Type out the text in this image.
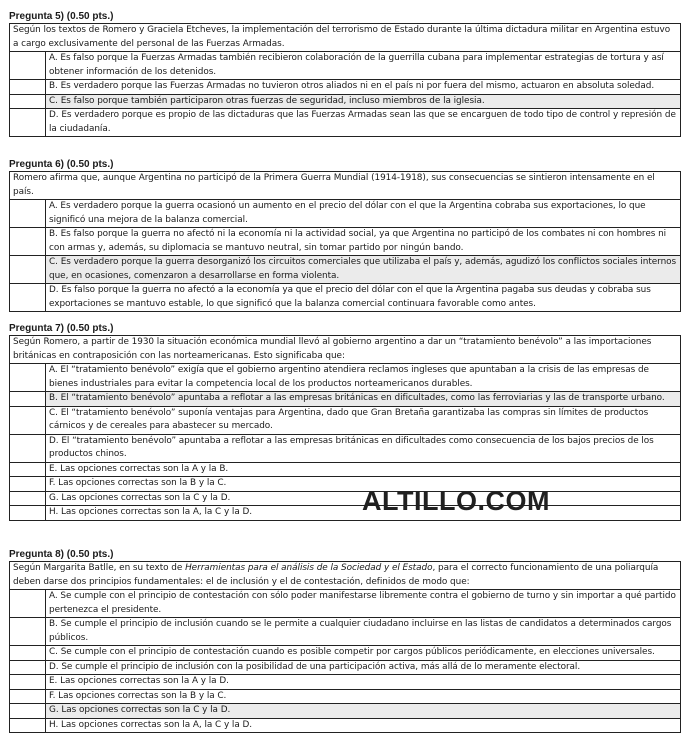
Pregunta 5) (0.50 pts.)

Según los textos de Romero y Graciela Etcheves, la implementación del terrorismo de Estado durante la última dictadura militar en Argentina estuvo a cargo exclusivamente del personal de las Fuerzas Armadas.
A. Es falso porque la Fuerzas Armadas también recibieron colaboración de la guerrilla cubana para implementar estrategias de tortura y así obtener información de los detenidos.
B. Es verdadero porque las Fuerzas Armadas no tuvieron otros aliados ni en el país ni por fuera del mismo, actuaron en absoluta soledad.
C. Es falso porque también participaron otras fuerzas de seguridad, incluso miembros de la iglesia.
D. Es verdadero porque es propio de las dictaduras que las Fuerzas Armadas sean las que se encarguen de todo tipo de control y represión de la ciudadanía.

Pregunta 6) (0.50 pts.)

Romero afirma que, aunque Argentina no participó de la Primera Guerra Mundial (1914-1918), sus consecuencias se sintieron intensamente en el país.
A. Es verdadero porque la guerra ocasionó un aumento en el precio del dólar con el que la Argentina cobraba sus exportaciones, lo que significó una mejora de la balanza comercial.
B. Es falso porque la guerra no afectó ni la economía ni la actividad social, ya que Argentina no participó de los combates ni con hombres ni con armas y, además, su diplomacia se mantuvo neutral, sin tomar partido por ningún bando.
C. Es verdadero porque la guerra desorganizó los circuitos comerciales que utilizaba el país y, además, agudizó los conflictos sociales internos que, en ocasiones, comenzaron a desarrollarse en forma violenta.
D. Es falso porque la guerra no afectó a la economía ya que el precio del dólar con el que la Argentina pagaba sus deudas y cobraba sus exportaciones se mantuvo estable, lo que significó que la balanza comercial continuara favorable como antes.

Pregunta 7) (0.50 pts.)

Según Romero, a partir de 1930 la situación económica mundial llevó al gobierno argentino a dar un “tratamiento benévolo” a las importaciones británicas en contraposición con las norteamericanas. Esto significaba que:
A. El “tratamiento benévolo” exigía que el gobierno argentino atendiera reclamos ingleses que apuntaban a la crisis de las empresas de bienes industriales para evitar la competencia local de los productos norteamericanos durables.
B. El “tratamiento benévolo” apuntaba a reflotar a las empresas británicas en dificultades, como las ferroviarias y las de transporte urbano.
C. El “tratamiento benévolo” suponía ventajas para Argentina, dado que Gran Bretaña garantizaba las compras sin límites de productos cárnicos y de cereales para abastecer su mercado.
D. El “tratamiento benévolo” apuntaba a reflotar a las empresas británicas en dificultades como consecuencia de los bajos precios de los productos chinos.
E. Las opciones correctas son la A y la B.
F. Las opciones correctas son la B y la C.
G. Las opciones correctas son la C y la D.
H. Las opciones correctas son la A, la C y la D.

Pregunta 8) (0.50 pts.)

Según Margarita Batlle, en su texto de Herramientas para el análisis de la Sociedad y el Estado, para el correcto funcionamiento de una poliarquía deben darse dos principios fundamentales: el de inclusión y el de contestación, definidos de modo que:
A. Se cumple con el principio de contestación con sólo poder manifestarse libremente contra el gobierno de turno y sin importar a qué partido pertenezca el presidente.
B. Se cumple el principio de inclusión cuando se le permite a cualquier ciudadano incluirse en las listas de candidatos a determinados cargos públicos.
C. Se cumple con el principio de contestación cuando es posible competir por cargos públicos periódicamente, en elecciones universales.
D. Se cumple el principio de inclusión con la posibilidad de una participación activa, más allá de lo meramente electoral.
E. Las opciones correctas son la A y la D.
F. Las opciones correctas son la B y la C.
G. Las opciones correctas son la C y la D.
H. Las opciones correctas son la A, la C y la D.
ALTILLO.COM
